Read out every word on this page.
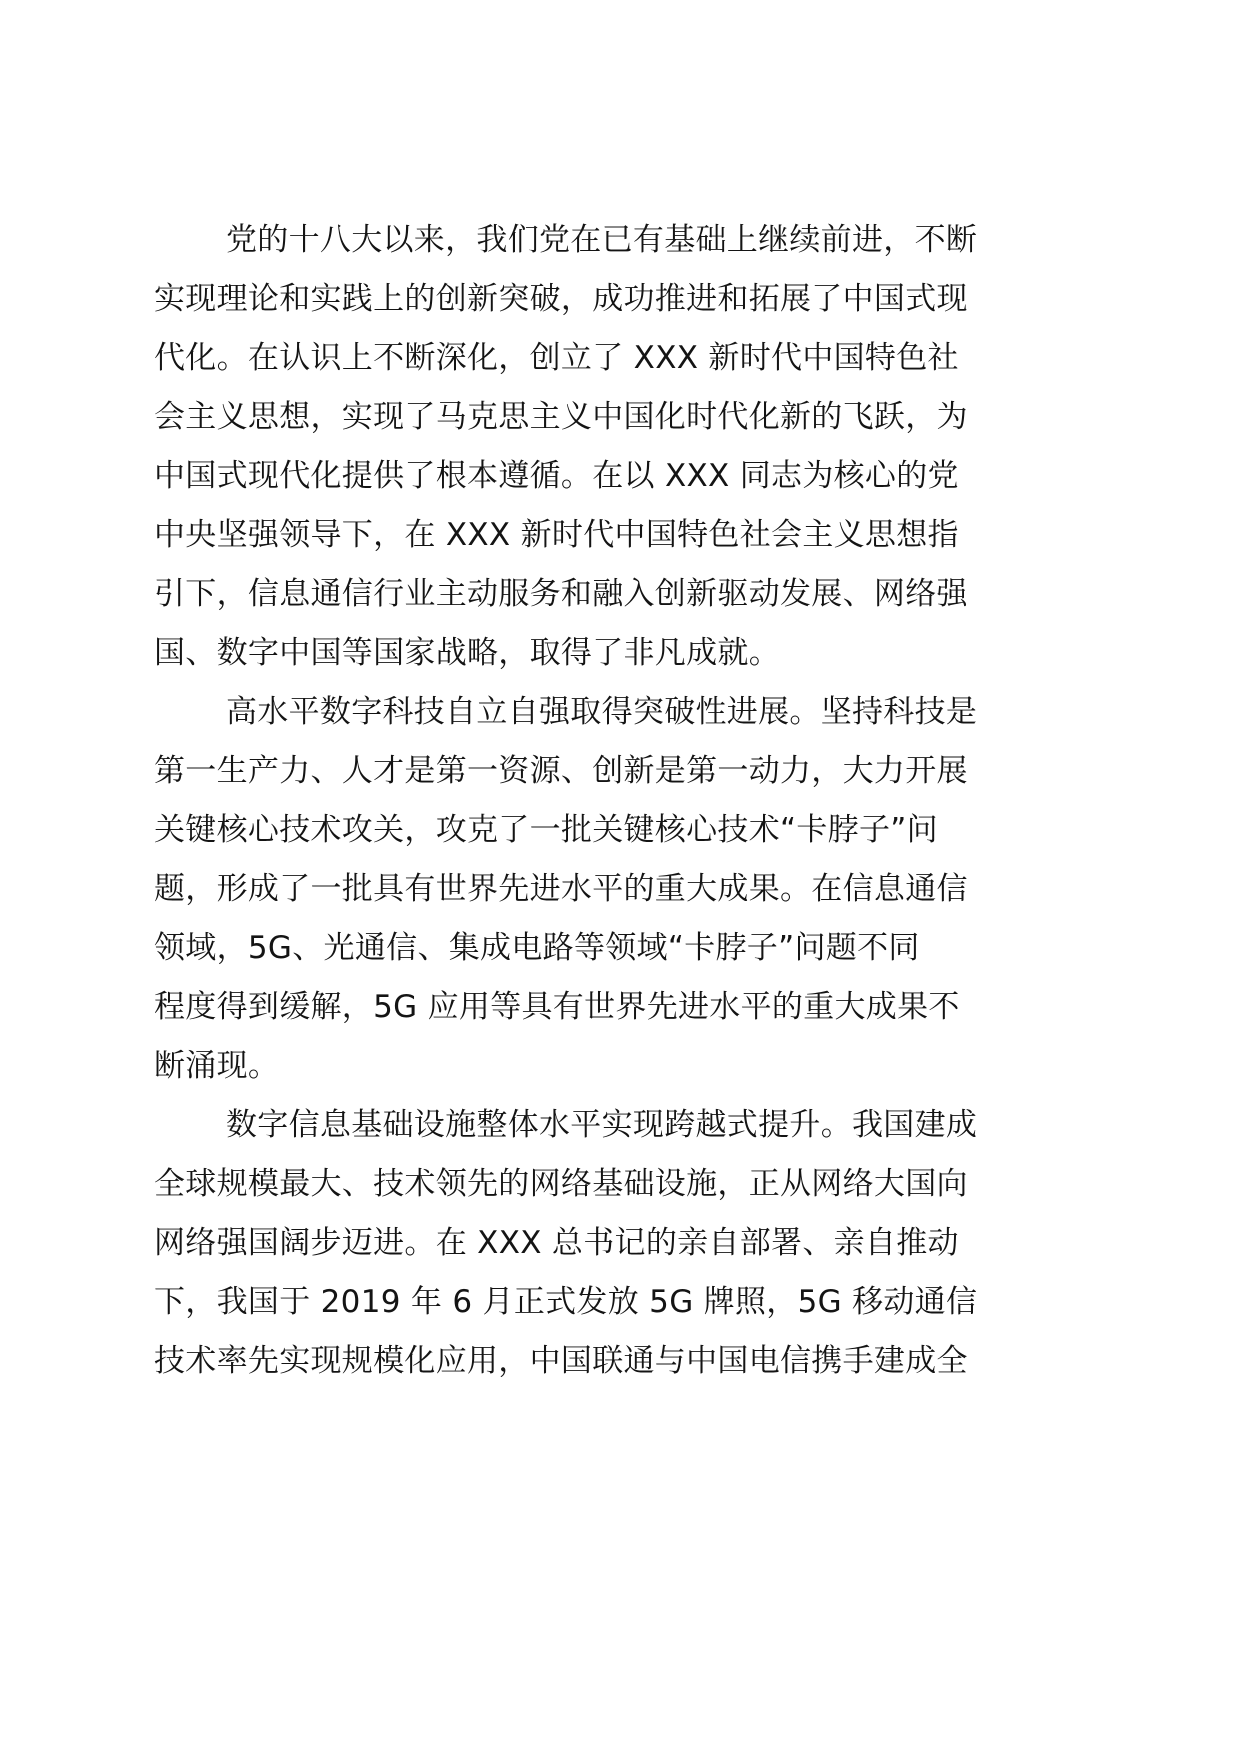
党的十八大以来，我们党在已有基础上继续前进，不断
实现理论和实践上的创新突破，成功推进和拓展了中国式现
代化。在认识上不断深化，创立了 XXX 新时代中国特色社
会主义思想，实现了马克思主义中国化时代化新的飞跃，为
中国式现代化提供了根本遵循。在以 XXX 同志为核心的党
中央坚强领导下，在 XXX 新时代中国特色社会主义思想指
引下，信息通信行业主动服务和融入创新驱动发展、网络强
国、数字中国等国家战略，取得了非凡成就。
高水平数字科技自立自强取得突破性进展。坚持科技是
第一生产力、人才是第一资源、创新是第一动力，大力开展
关键核心技术攻关，攻克了一批关键核心技术“卡脖子”问
题，形成了一批具有世界先进水平的重大成果。在信息通信
领域，5G、光通信、集成电路等领域“卡脖子”问题不同
程度得到缓解，5G 应用等具有世界先进水平的重大成果不
断涌现。
数字信息基础设施整体水平实现跨越式提升。我国建成
全球规模最大、技术领先的网络基础设施，正从网络大国向
网络强国阔步迈进。在 XXX 总书记的亲自部署、亲自推动
下，我国于 2019 年 6 月正式发放 5G 牌照，5G 移动通信
技术率先实现规模化应用，中国联通与中国电信携手建成全
